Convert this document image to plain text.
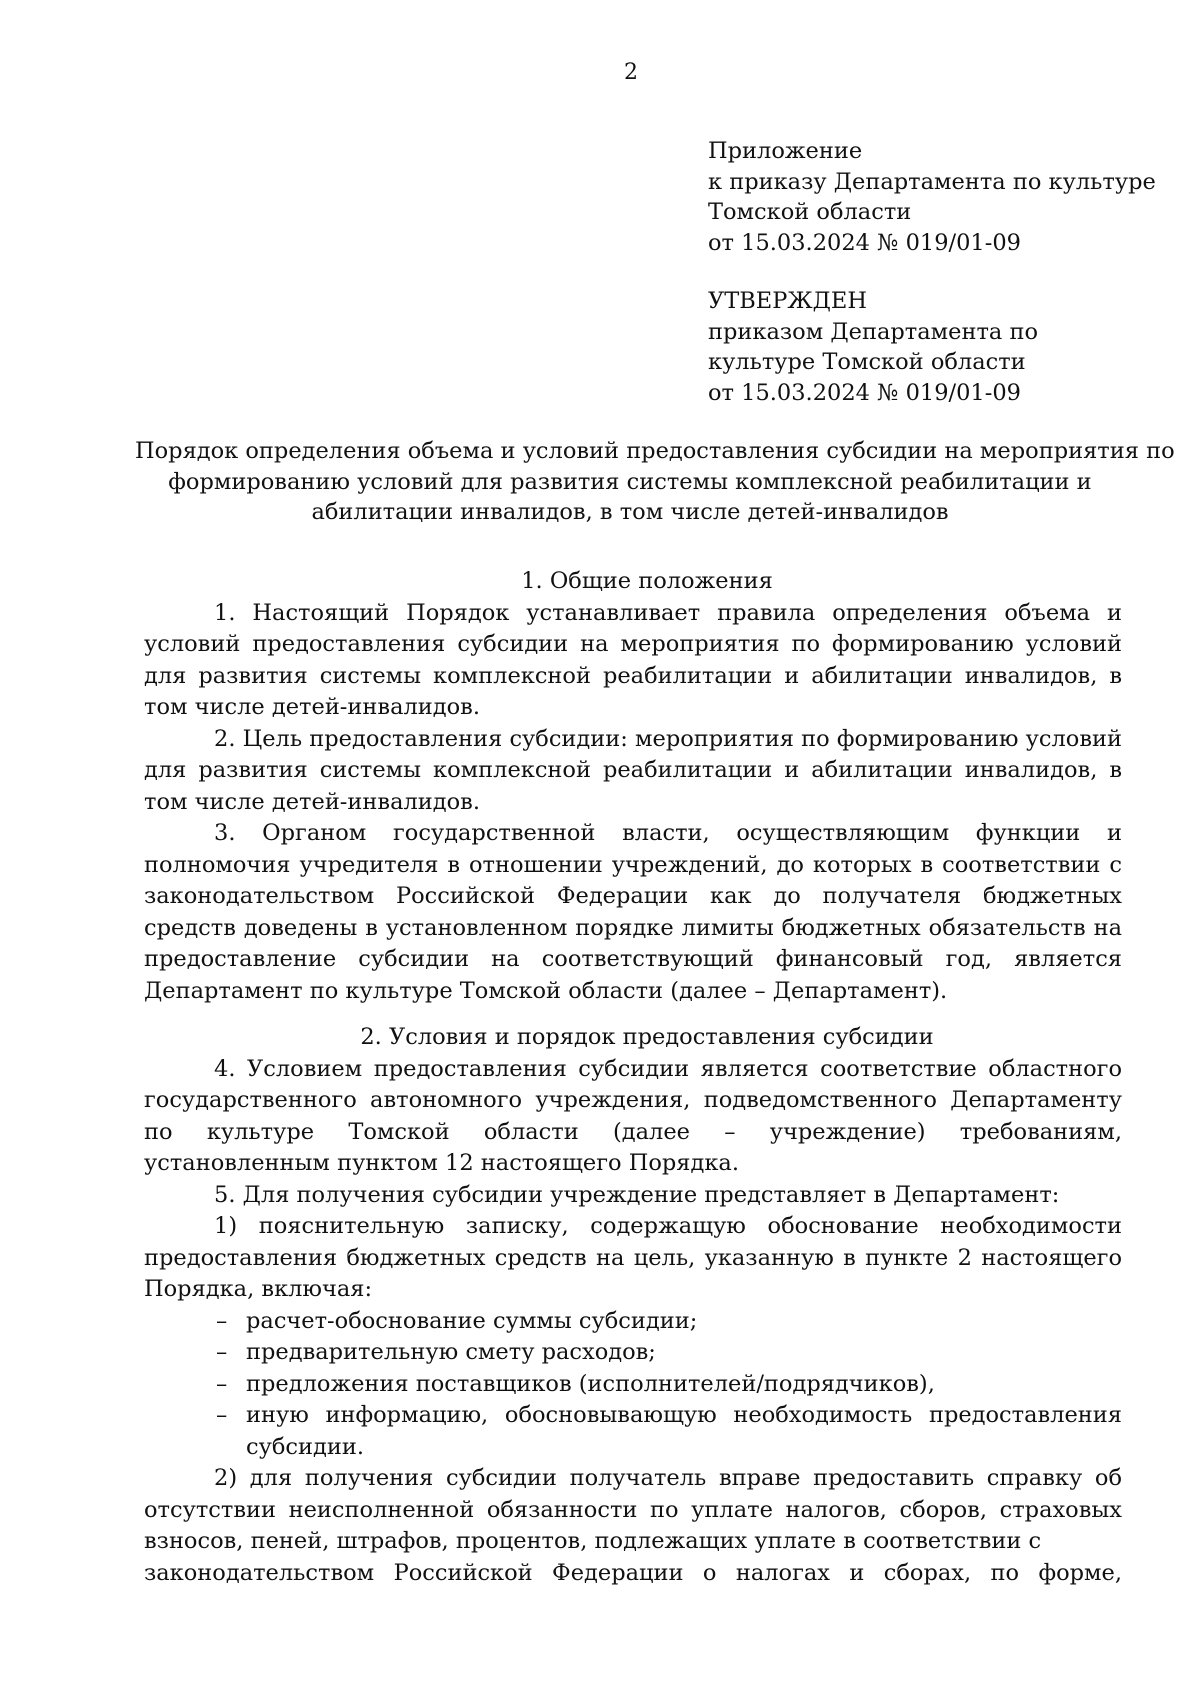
2
Приложение
к приказу Департамента по культуре
Томской области
от 15.03.2024 № 019/01-09
УТВЕРЖДЕН
приказом Департамента по
культуре Томской области
от 15.03.2024 № 019/01-09
Порядок определения объема и условий предоставления субсидии на мероприятия по
формированию условий для развития системы комплексной реабилитации и
абилитации инвалидов, в том числе детей-инвалидов
1. Общие положения

1. Настоящий Порядок устанавливает правила определения объема и условий предоставления субсидии на мероприятия по формированию условий для развития системы комплексной реабилитации и абилитации инвалидов, в том числе детей-инвалидов.

2. Цель предоставления субсидии: мероприятия по формированию условий для развития системы комплексной реабилитации и абилитации инвалидов, в том числе детей-инвалидов.

3. Органом государственной власти, осуществляющим функции и полномочия учредителя в отношении учреждений, до которых в соответствии с законодательством Российской Федерации как до получателя бюджетных средств доведены в установленном порядке лимиты бюджетных обязательств на предоставление субсидии на соответствующий финансовый год, является Департамент по культуре Томской области (далее – Департамент).

2. Условия и порядок предоставления субсидии

4. Условием предоставления субсидии является соответствие областного государственного автономного учреждения, подведомственного Департаменту по культуре Томской области (далее – учреждение) требованиям, установленным пунктом 12 настоящего Порядка.

5. Для получения субсидии учреждение представляет в Департамент:

1) пояснительную записку, содержащую обоснование необходимости предоставления бюджетных средств на цель, указанную в пункте 2 настоящего Порядка, включая:

– расчет-обоснование суммы субсидии;
– предварительную смету расходов;
– предложения поставщиков (исполнителей/подрядчиков),
– иную информацию, обосновывающую необходимость предоставления субсидии.

2) для получения субсидии получатель вправе предоставить справку об отсутствии неисполненной обязанности по уплате налогов, сборов, страховых взносов, пеней, штрафов, процентов, подлежащих уплате в соответствии с

законодательством Российской Федерации о налогах и сборах, по форме,
